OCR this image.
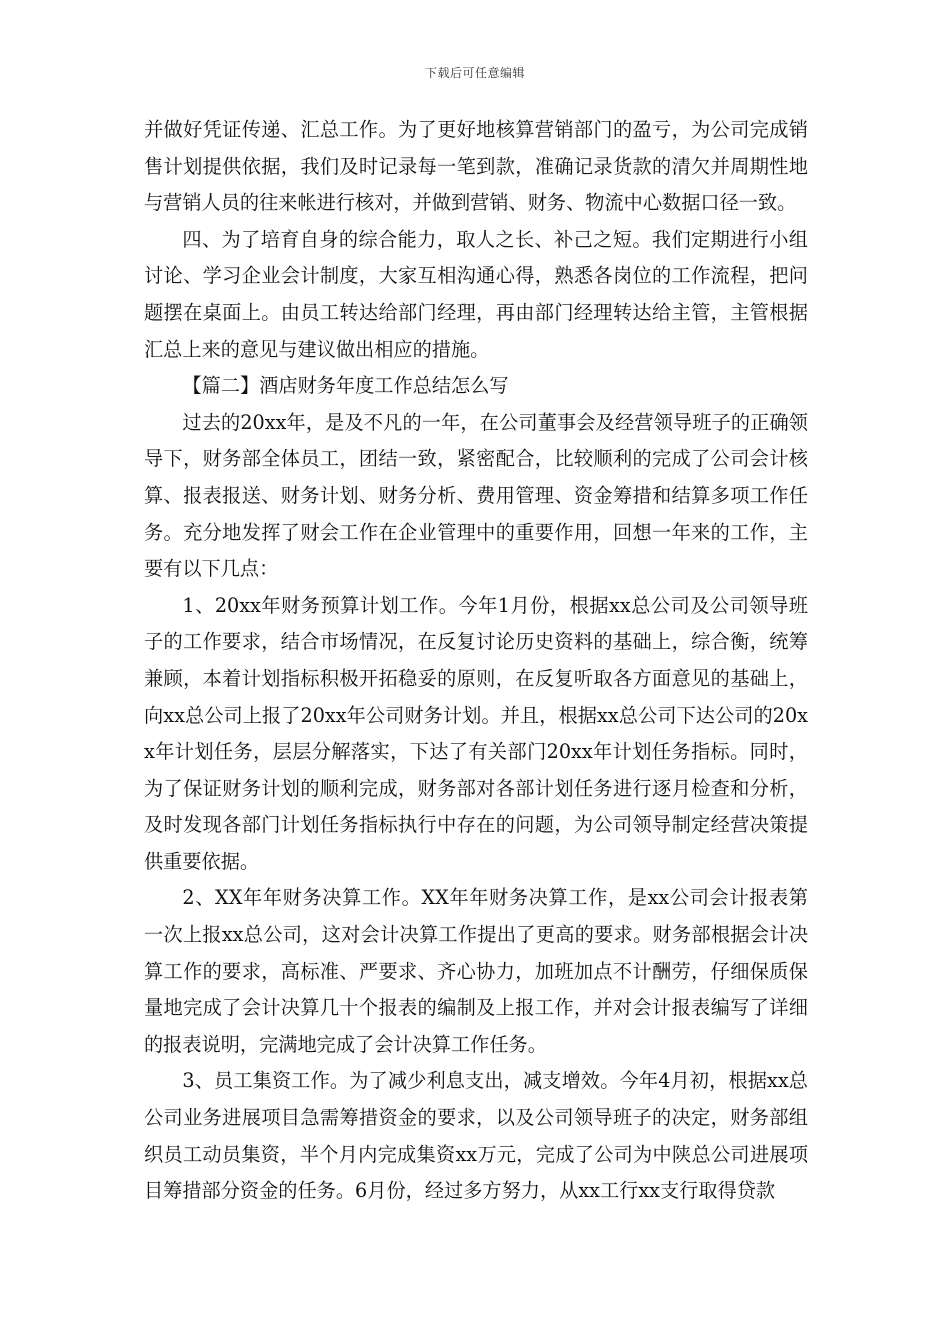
下载后可任意编辑

并做好凭证传递、汇总工作。为了更好地核算营销部门的盈亏，为公司完成销售计划提供依据，我们及时记录每一笔到款，准确记录货款的清欠并周期性地与营销人员的往来帐进行核对，并做到营销、财务、物流中心数据口径一致。

四、为了培育自身的综合能力，取人之长、补己之短。我们定期进行小组讨论、学习企业会计制度，大家互相沟通心得，熟悉各岗位的工作流程，把问题摆在桌面上。由员工转达给部门经理，再由部门经理转达给主管，主管根据汇总上来的意见与建议做出相应的措施。

【篇二】酒店财务年度工作总结怎么写

过去的20xx年，是及不凡的一年，在公司董事会及经营领导班子的正确领导下，财务部全体员工，团结一致，紧密配合，比较顺利的完成了公司会计核算、报表报送、财务计划、财务分析、费用管理、资金筹措和结算多项工作任务。充分地发挥了财会工作在企业管理中的重要作用，回想一年来的工作，主要有以下几点：

1、20xx年财务预算计划工作。今年1月份，根据xx总公司及公司领导班子的工作要求，结合市场情况，在反复讨论历史资料的基础上，综合衡，统筹兼顾，本着计划指标积极开拓稳妥的原则，在反复听取各方面意见的基础上，向xx总公司上报了20xx年公司财务计划。并且，根据xx总公司下达公司的20xx年计划任务，层层分解落实，下达了有关部门20xx年计划任务指标。同时，为了保证财务计划的顺利完成，财务部对各部计划任务进行逐月检查和分析，及时发现各部门计划任务指标执行中存在的问题，为公司领导制定经营决策提供重要依据。

2、XX年年财务决算工作。XX年年财务决算工作，是xx公司会计报表第一次上报xx总公司，这对会计决算工作提出了更高的要求。财务部根据会计决算工作的要求，高标准、严要求、齐心协力，加班加点不计酬劳，仔细保质保量地完成了会计决算几十个报表的编制及上报工作，并对会计报表编写了详细的报表说明，完满地完成了会计决算工作任务。

3、员工集资工作。为了减少利息支出，减支增效。今年4月初，根据xx总公司业务进展项目急需筹措资金的要求，以及公司领导班子的决定，财务部组织员工动员集资，半个月内完成集资xx万元，完成了公司为中陕总公司进展项目筹措部分资金的任务。6月份，经过多方努力，从xx工行xx支行取得贷款
